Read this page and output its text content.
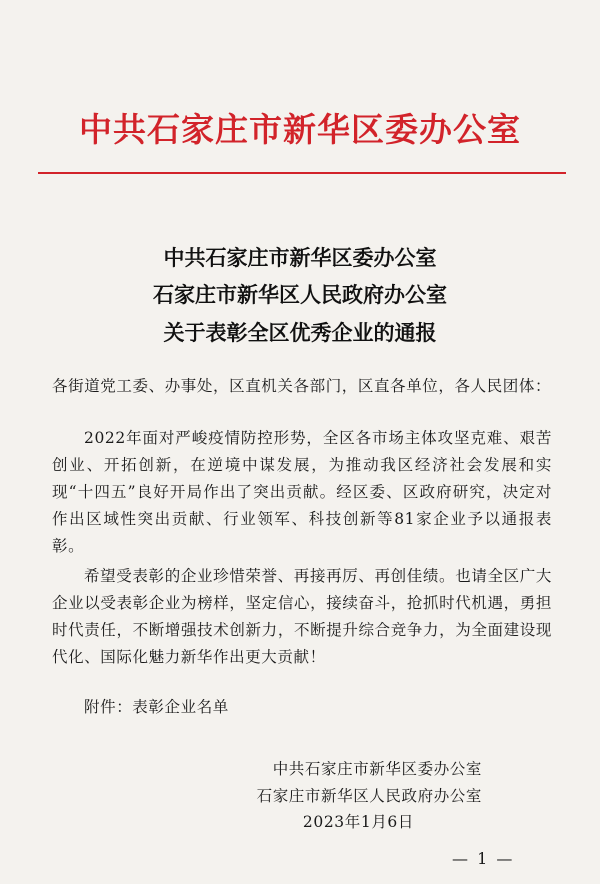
中共石家庄市新华区委办公室
中共石家庄市新华区委办公室
石家庄市新华区人民政府办公室
关于表彰全区优秀企业的通报
各街道党工委、办事处，区直机关各部门，区直各单位，各人民团体：
2022年面对严峻疫情防控形势，全区各市场主体攻坚克难、艰苦创业、开拓创新，在逆境中谋发展，为推动我区经济社会发展和实现“十四五”良好开局作出了突出贡献。经区委、区政府研究，决定对作出区域性突出贡献、行业领军、科技创新等81家企业予以通报表彰。
希望受表彰的企业珍惜荣誉、再接再厉、再创佳绩。也请全区广大企业以受表彰企业为榜样，坚定信心，接续奋斗，抢抓时代机遇，勇担时代责任，不断增强技术创新力，不断提升综合竞争力，为全面建设现代化、国际化魅力新华作出更大贡献！
附件：表彰企业名单
中共石家庄市新华区委办公室
石家庄市新华区人民政府办公室
2023年1月6日
— 1 —
